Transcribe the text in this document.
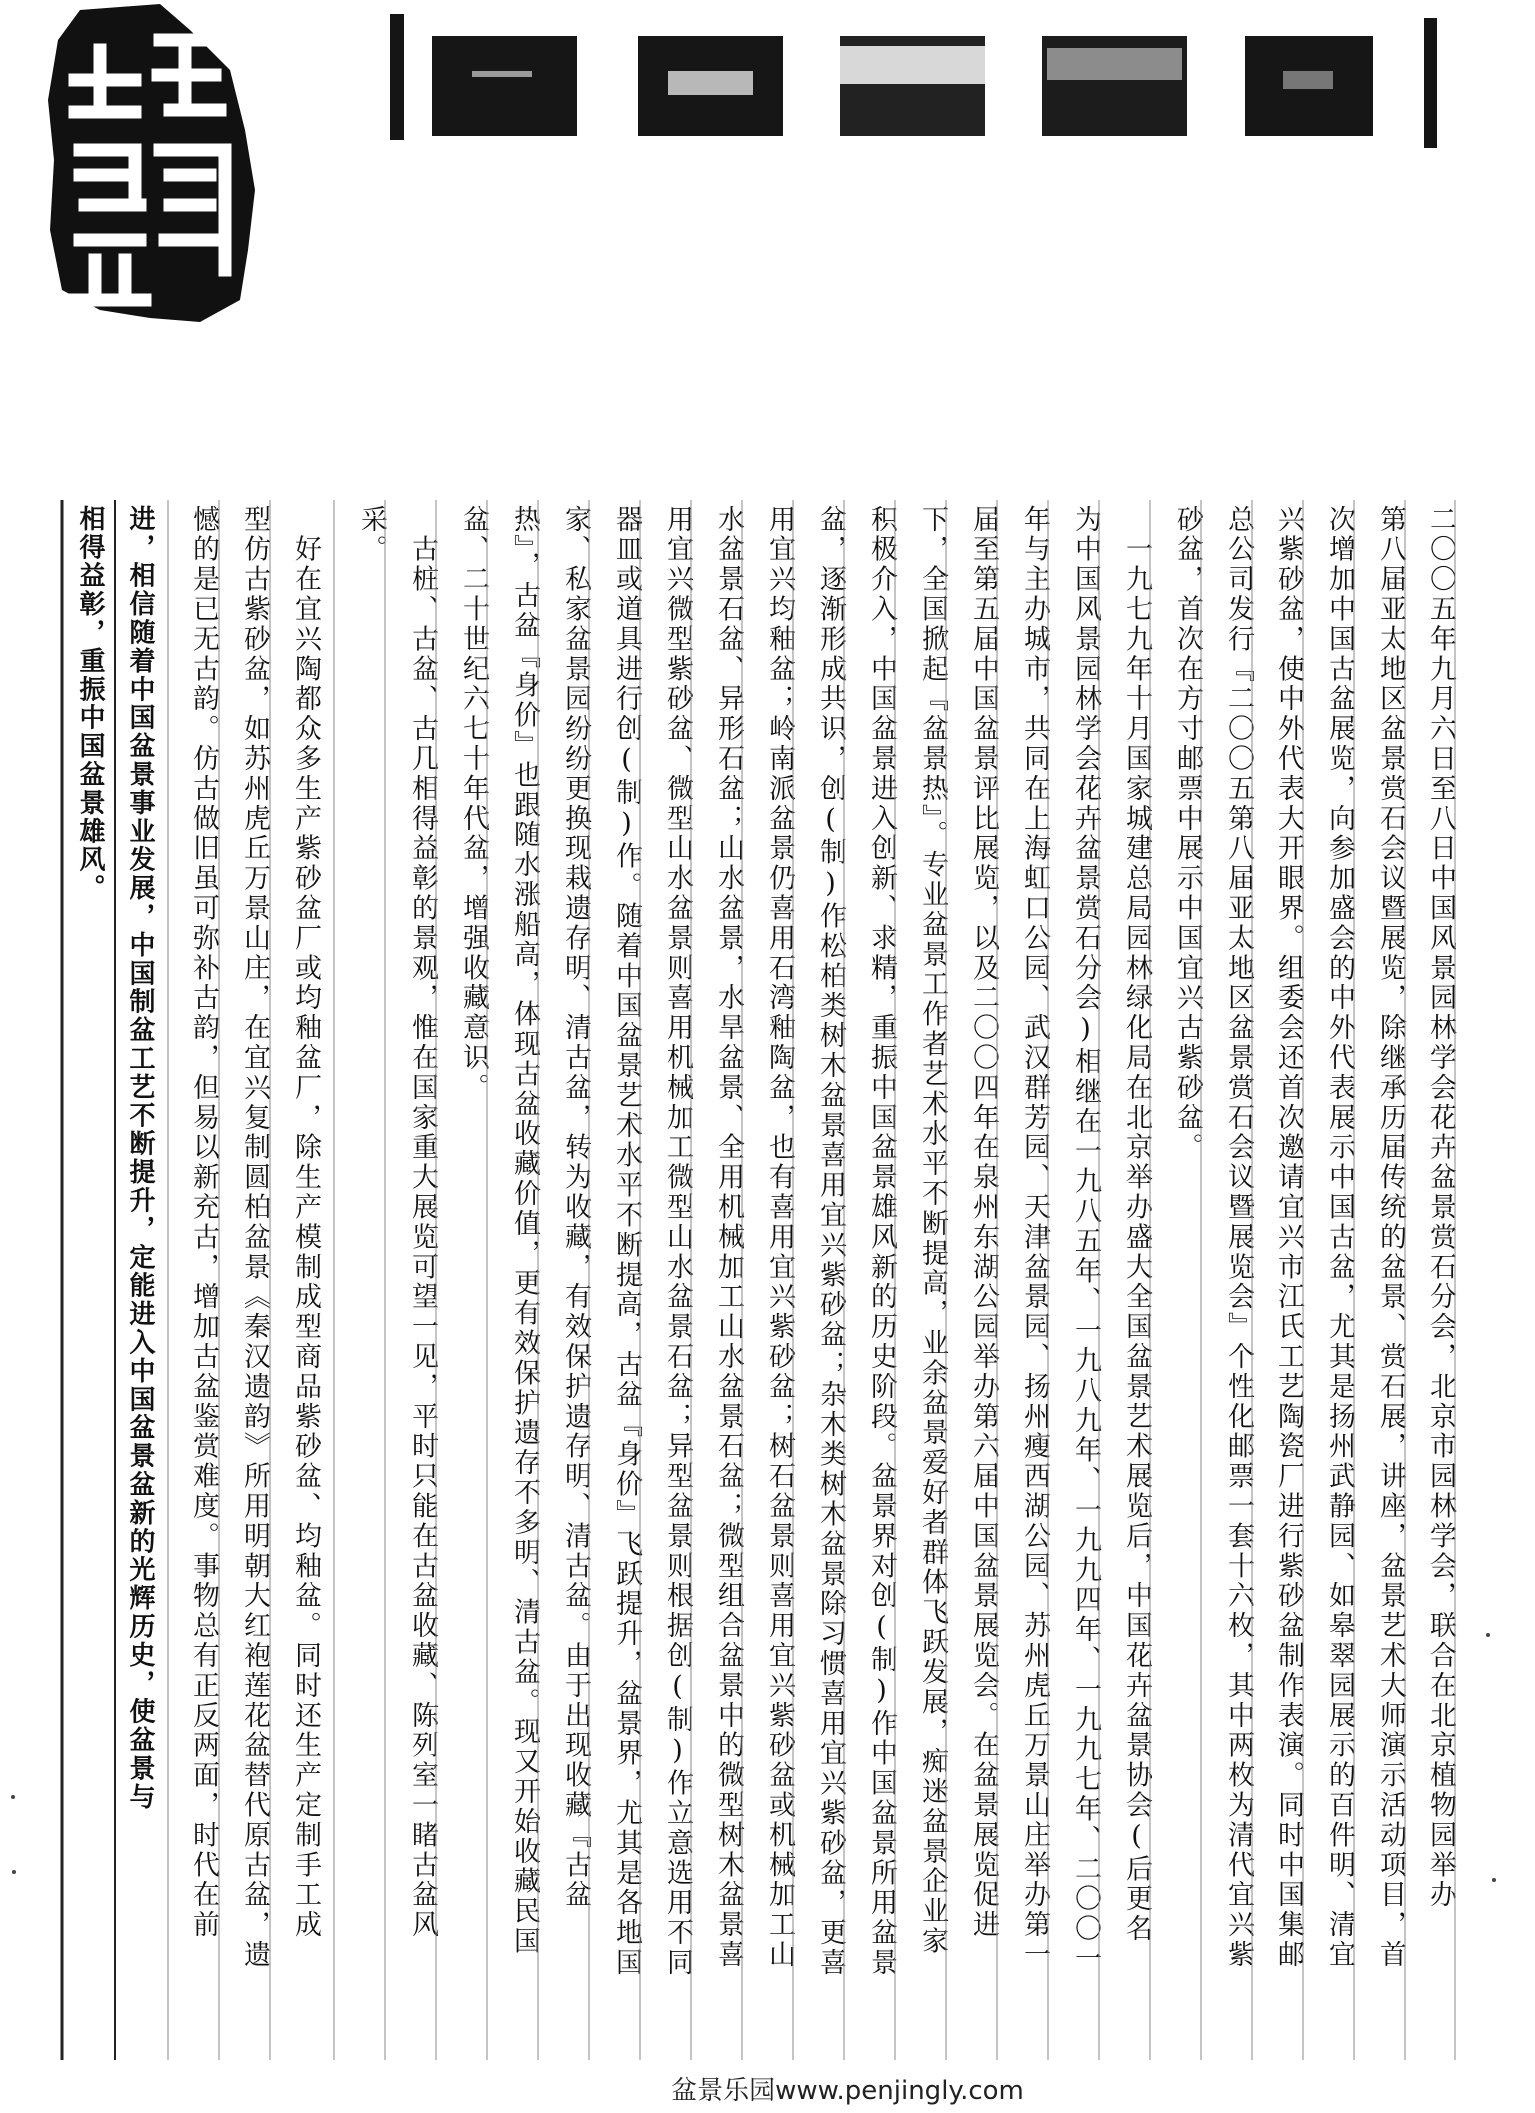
二〇〇五年九月六日至八日中国风景园林学会花卉盆景赏石分会，北京市园林学会，联合在北京植物园举办
第八届亚太地区盆景赏石会议暨展览，除继承历届传统的盆景、赏石展，讲座，盆景艺术大师演示活动项目，首
次增加中国古盆展览，向参加盛会的中外代表展示中国古盆，尤其是扬州武静园、如皋翠园展示的百件明、清宜
兴紫砂盆，使中外代表大开眼界。组委会还首次邀请宜兴市江氏工艺陶瓷厂进行紫砂盆制作表演。同时中国集邮
总公司发行『二〇〇五第八届亚太地区盆景赏石会议暨展览会』个性化邮票一套十六枚，其中两枚为清代宜兴紫
砂盆，首次在方寸邮票中展示中国宜兴古紫砂盆。
　一九七九年十月国家城建总局园林绿化局在北京举办盛大全国盆景艺术展览后，中国花卉盆景协会(后更名
为中国风景园林学会花卉盆景赏石分会)相继在一九八五年、一九八九年、一九九四年、一九九七年、二〇〇一
年与主办城市，共同在上海虹口公园、武汉群芳园、天津盆景园、扬州瘦西湖公园、苏州虎丘万景山庄举办第一
届至第五届中国盆景评比展览，以及二〇〇四年在泉州东湖公园举办第六届中国盆景展览会。在盆景展览促进
下，全国掀起『盆景热』。专业盆景工作者艺术水平不断提高，业余盆景爱好者群体飞跃发展，痴迷盆景企业家
积极介入，中国盆景进入创新、求精，重振中国盆景雄风新的历史阶段。盆景界对创(制)作中国盆景所用盆景
盆，逐渐形成共识，创(制)作松柏类树木盆景喜用宜兴紫砂盆；杂木类树木盆景除习惯喜用宜兴紫砂盆，更喜
用宜兴均釉盆；岭南派盆景仍喜用石湾釉陶盆，也有喜用宜兴紫砂盆；树石盆景则喜用宜兴紫砂盆或机械加工山
水盆景石盆、异形石盆；山水盆景，水旱盆景、全用机械加工山水盆景石盆；微型组合盆景中的微型树木盆景喜
用宜兴微型紫砂盆、微型山水盆景则喜用机械加工微型山水盆景石盆；异型盆景则根据创(制)作立意选用不同
器皿或道具进行创(制)作。随着中国盆景艺术水平不断提高，古盆『身价』飞跃提升，盆景界，尤其是各地国
家、私家盆景园纷纷更换现栽遗存明、清古盆，转为收藏，有效保护遗存明、清古盆。由于出现收藏『古盆
热』，古盆『身价』也跟随水涨船高，体现古盆收藏价值，更有效保护遗存不多明、清古盆。现又开始收藏民国
盆、二十世纪六七十年代盆，增强收藏意识。
　古桩、古盆、古几相得益彰的景观，惟在国家重大展览可望一见，平时只能在古盆收藏、陈列室一睹古盆风
采。
　好在宜兴陶都众多生产紫砂盆厂或均釉盆厂，除生产模制成型商品紫砂盆、均釉盆。同时还生产定制手工成
型仿古紫砂盆，如苏州虎丘万景山庄，在宜兴复制圆柏盆景《秦汉遗韵》所用明朝大红袍莲花盆替代原古盆，遗
憾的是已无古韵。仿古做旧虽可弥补古韵，但易以新充古，增加古盆鉴赏难度。事物总有正反两面，时代在前
进，相信随着中国盆景事业发展，中国制盆工艺不断提升，定能进入中国盆景盆新的光辉历史，使盆景与
相得益彰，重振中国盆景雄风。
盆景乐园www.penjingly.com
